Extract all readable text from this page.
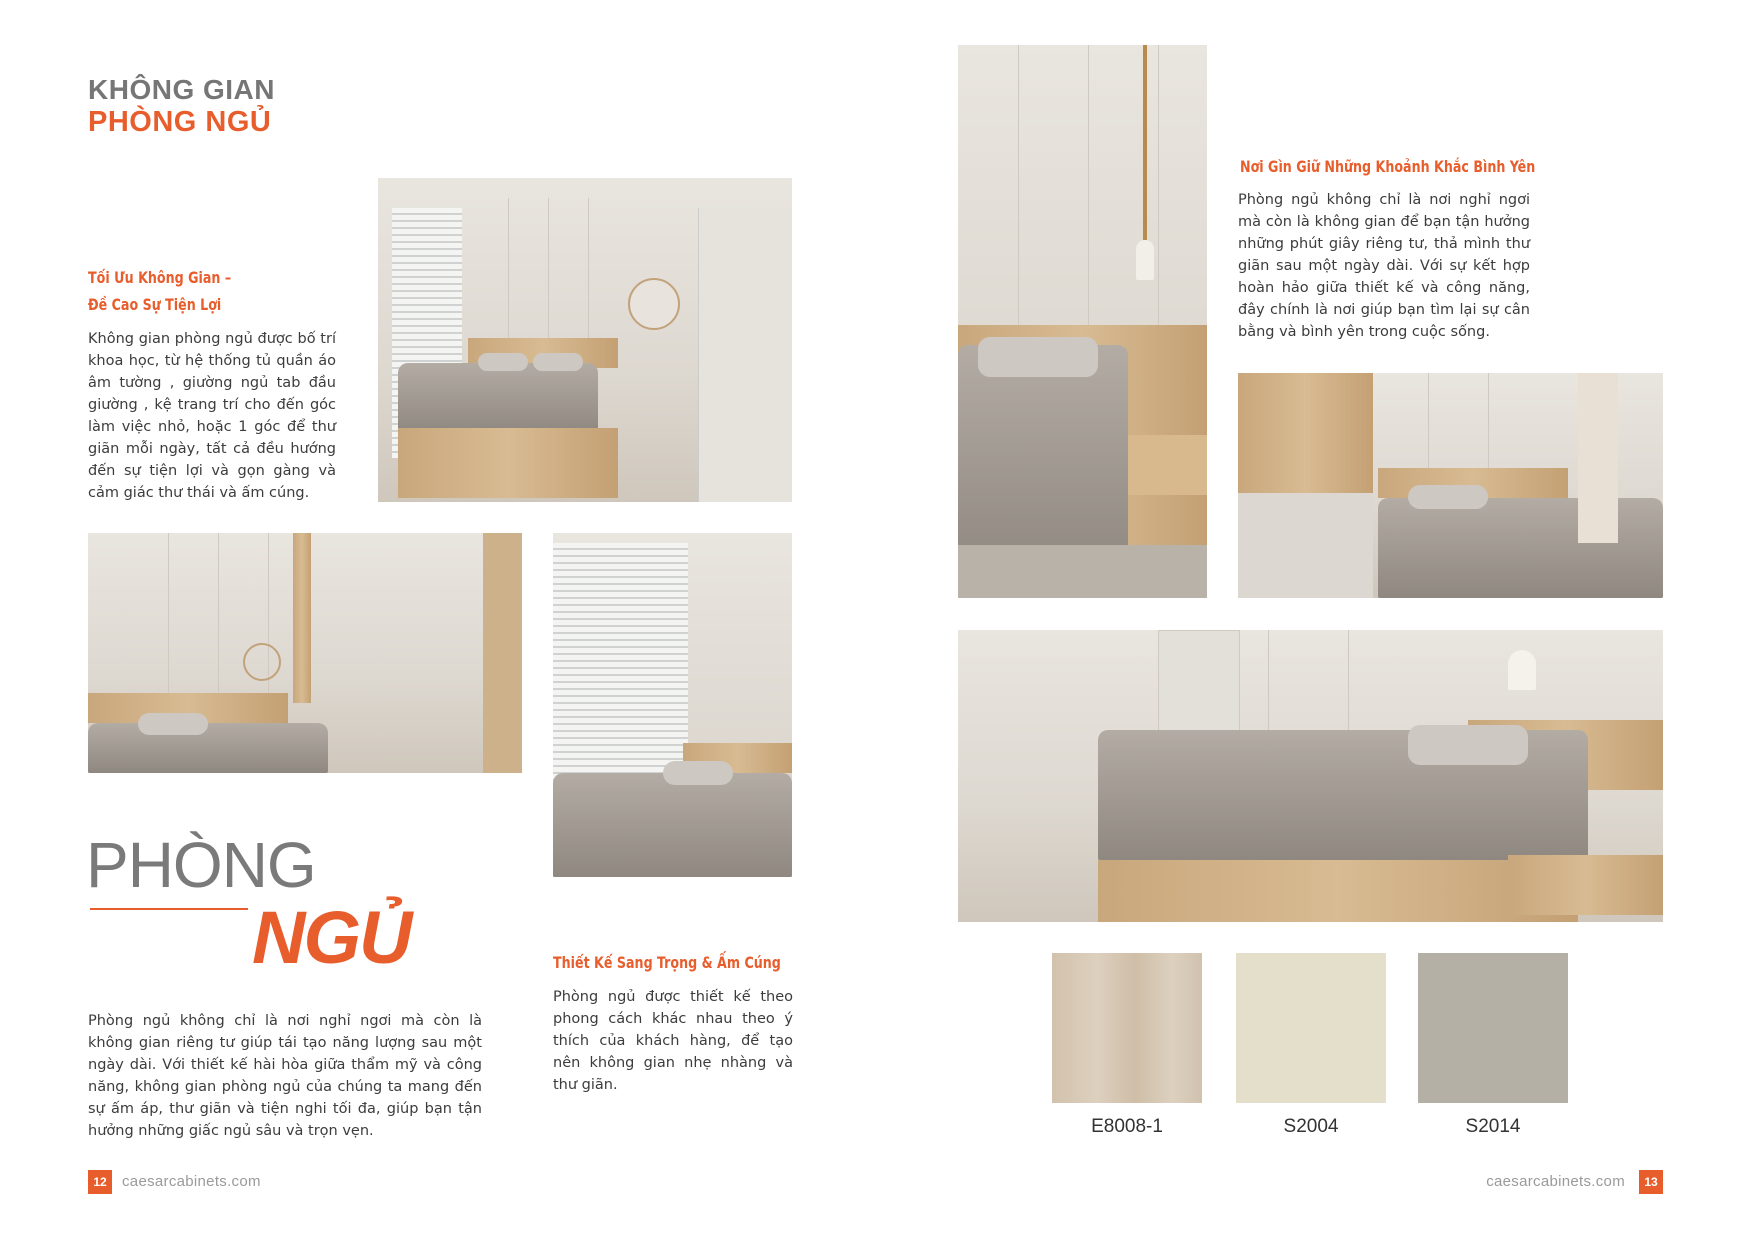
KHÔNG GIAN
PHÒNG NGỦ
Tối Ưu Không Gian –
Đề Cao Sự Tiện Lợi
Không gian phòng ngủ được bố trí khoa học, từ hệ thống tủ quần áo âm tường , giường ngủ tab đầu giường , kệ trang trí cho đến góc làm việc nhỏ, hoặc 1 góc để thư giãn mỗi ngày, tất cả đều hướng đến sự tiện lợi và gọn gàng và cảm giác thư thái và ấm cúng.
PHÒNG
NGỦ	Thiết Kế Sang Trọng & Ấm Cúng
Phòng ngủ được thiết kế theo phong cách khác nhau theo ý thích của khách hàng, để tạo nên không gian nhẹ nhàng và thư giãn.
Phòng ngủ không chỉ là nơi nghỉ ngơi mà còn là không gian riêng tư giúp tái tạo năng lượng sau một ngày dài. Với thiết kế hài hòa giữa thẩm mỹ và công năng, không gian phòng ngủ của chúng ta mang đến sự ấm áp, thư giãn và tiện nghi tối đa, giúp bạn tận hưởng những giấc ngủ sâu và trọn vẹn.
12	caesarcabinets.com
Nơi Gìn Giữ Những Khoảnh Khắc Bình Yên
Phòng ngủ không chỉ là nơi nghỉ ngơi mà còn là không gian để bạn tận hưởng những phút giây riêng tư, thả mình thư giãn sau một ngày dài. Với sự kết hợp hoàn hảo giữa thiết kế và công năng, đây chính là nơi giúp bạn tìm lại sự cân bằng và bình yên trong cuộc sống.
E8008-1	S2004	S2014
caesarcabinets.com	13
